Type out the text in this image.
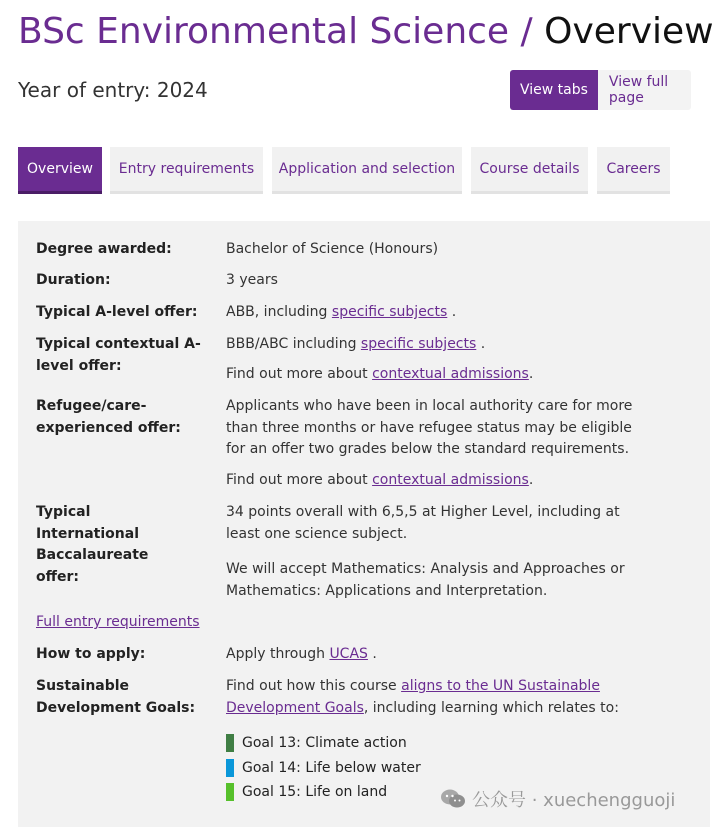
BSc Environmental Science / Overview
Year of entry: 2024	View tabs	View full page
Overview	Entry requirements	Application and selection	Course details	Careers
Degree awarded:	Bachelor of Science (Honours)
Duration:	3 years
Typical A-level offer:	ABB, including specific subjects .
Typical contextual A-level offer:
BBB/ABC including specific subjects .
Find out more about contextual admissions.
Refugee/care-experienced offer:
Applicants who have been in local authority care for more than three months or have refugee status may be eligible for an offer two grades below the standard requirements.
Find out more about contextual admissions.
Typical International Baccalaureate offer:
34 points overall with 6,5,5 at Higher Level, including at least one science subject.
We will accept Mathematics: Analysis and Approaches or Mathematics: Applications and Interpretation.
Full entry requirements
How to apply:	Apply through UCAS .
Sustainable Development Goals:
Find out how this course aligns to the UN Sustainable Development Goals, including learning which relates to:
Goal 13: Climate action
Goal 14: Life below water
Goal 15: Life on land	公众号 · xuechengguoji
